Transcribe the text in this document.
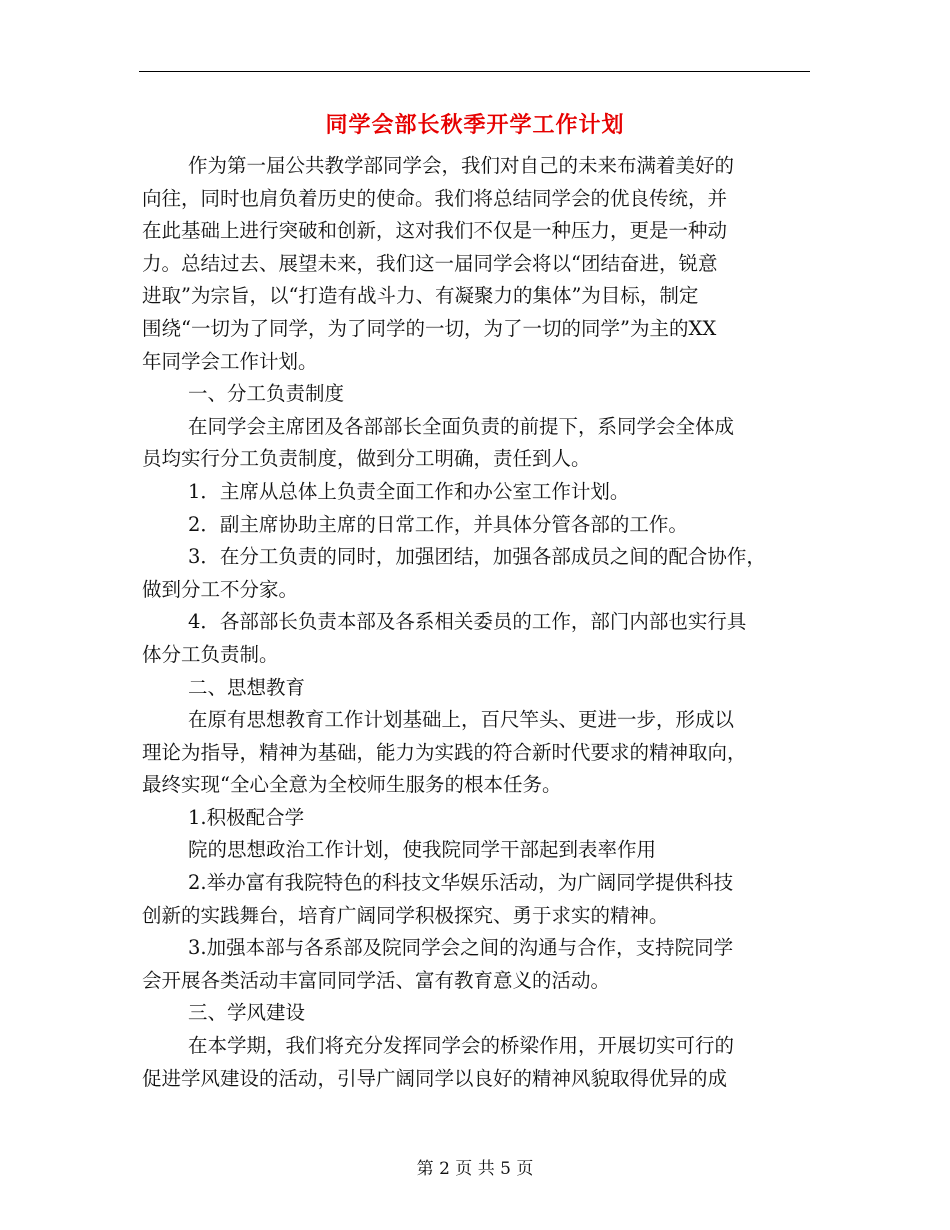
同学会部长秋季开学工作计划
作为第一届公共教学部同学会，我们对自己的未来布满着美好的
向往，同时也肩负着历史的使命。我们将总结同学会的优良传统，并
在此基础上进行突破和创新，这对我们不仅是一种压力，更是一种动
力。总结过去、展望未来，我们这一届同学会将以“团结奋进，锐意
进取”为宗旨，以“打造有战斗力、有凝聚力的集体”为目标，制定
围绕“一切为了同学，为了同学的一切，为了一切的同学”为主的XX
年同学会工作计划。
一、分工负责制度
在同学会主席团及各部部长全面负责的前提下，系同学会全体成
员均实行分工负责制度，做到分工明确，责任到人。
1．主席从总体上负责全面工作和办公室工作计划。
2．副主席协助主席的日常工作，并具体分管各部的工作。
3．在分工负责的同时，加强团结，加强各部成员之间的配合协作，
做到分工不分家。
4．各部部长负责本部及各系相关委员的工作，部门内部也实行具
体分工负责制。
二、思想教育
在原有思想教育工作计划基础上，百尺竿头、更进一步，形成以
理论为指导，精神为基础，能力为实践的符合新时代要求的精神取向，
最终实现“全心全意为全校师生服务的根本任务。
1.积极配合学
院的思想政治工作计划，使我院同学干部起到表率作用
2.举办富有我院特色的科技文华娱乐活动，为广阔同学提供科技
创新的实践舞台，培育广阔同学积极探究、勇于求实的精神。
3.加强本部与各系部及院同学会之间的沟通与合作，支持院同学
会开展各类活动丰富同同学活、富有教育意义的活动。
三、学风建设
在本学期，我们将充分发挥同学会的桥梁作用，开展切实可行的
促进学风建设的活动，引导广阔同学以良好的精神风貌取得优异的成
第 2 页 共 5 页
